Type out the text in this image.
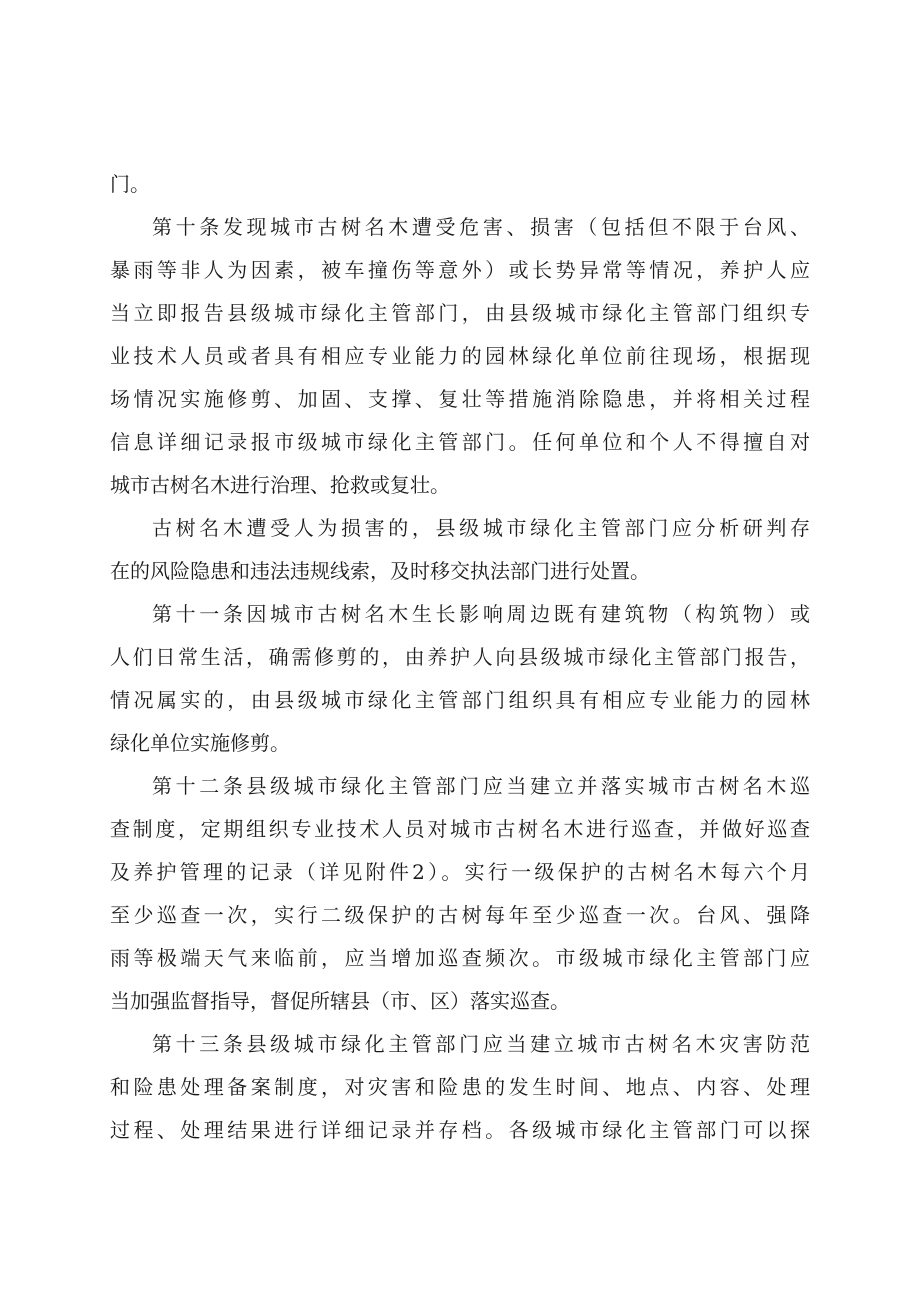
门。
第十条发现城市古树名木遭受危害、损害（包括但不限于台风、
暴雨等非人为因素，被车撞伤等意外）或长势异常等情况，养护人应
当立即报告县级城市绿化主管部门，由县级城市绿化主管部门组织专
业技术人员或者具有相应专业能力的园林绿化单位前往现场，根据现
场情况实施修剪、加固、支撑、复壮等措施消除隐患，并将相关过程
信息详细记录报市级城市绿化主管部门。任何单位和个人不得擅自对
城市古树名木进行治理、抢救或复壮。
古树名木遭受人为损害的，县级城市绿化主管部门应分析研判存
在的风险隐患和违法违规线索，及时移交执法部门进行处置。
第十一条因城市古树名木生长影响周边既有建筑物（构筑物）或
人们日常生活，确需修剪的，由养护人向县级城市绿化主管部门报告，
情况属实的，由县级城市绿化主管部门组织具有相应专业能力的园林
绿化单位实施修剪。
第十二条县级城市绿化主管部门应当建立并落实城市古树名木巡
查制度，定期组织专业技术人员对城市古树名木进行巡查，并做好巡查
及养护管理的记录（详见附件2）。实行一级保护的古树名木每六个月
至少巡查一次，实行二级保护的古树每年至少巡查一次。台风、强降
雨等极端天气来临前，应当增加巡查频次。市级城市绿化主管部门应
当加强监督指导，督促所辖县（市、区）落实巡查。
第十三条县级城市绿化主管部门应当建立城市古树名木灾害防范
和险患处理备案制度，对灾害和险患的发生时间、地点、内容、处理
过程、处理结果进行详细记录并存档。各级城市绿化主管部门可以探
